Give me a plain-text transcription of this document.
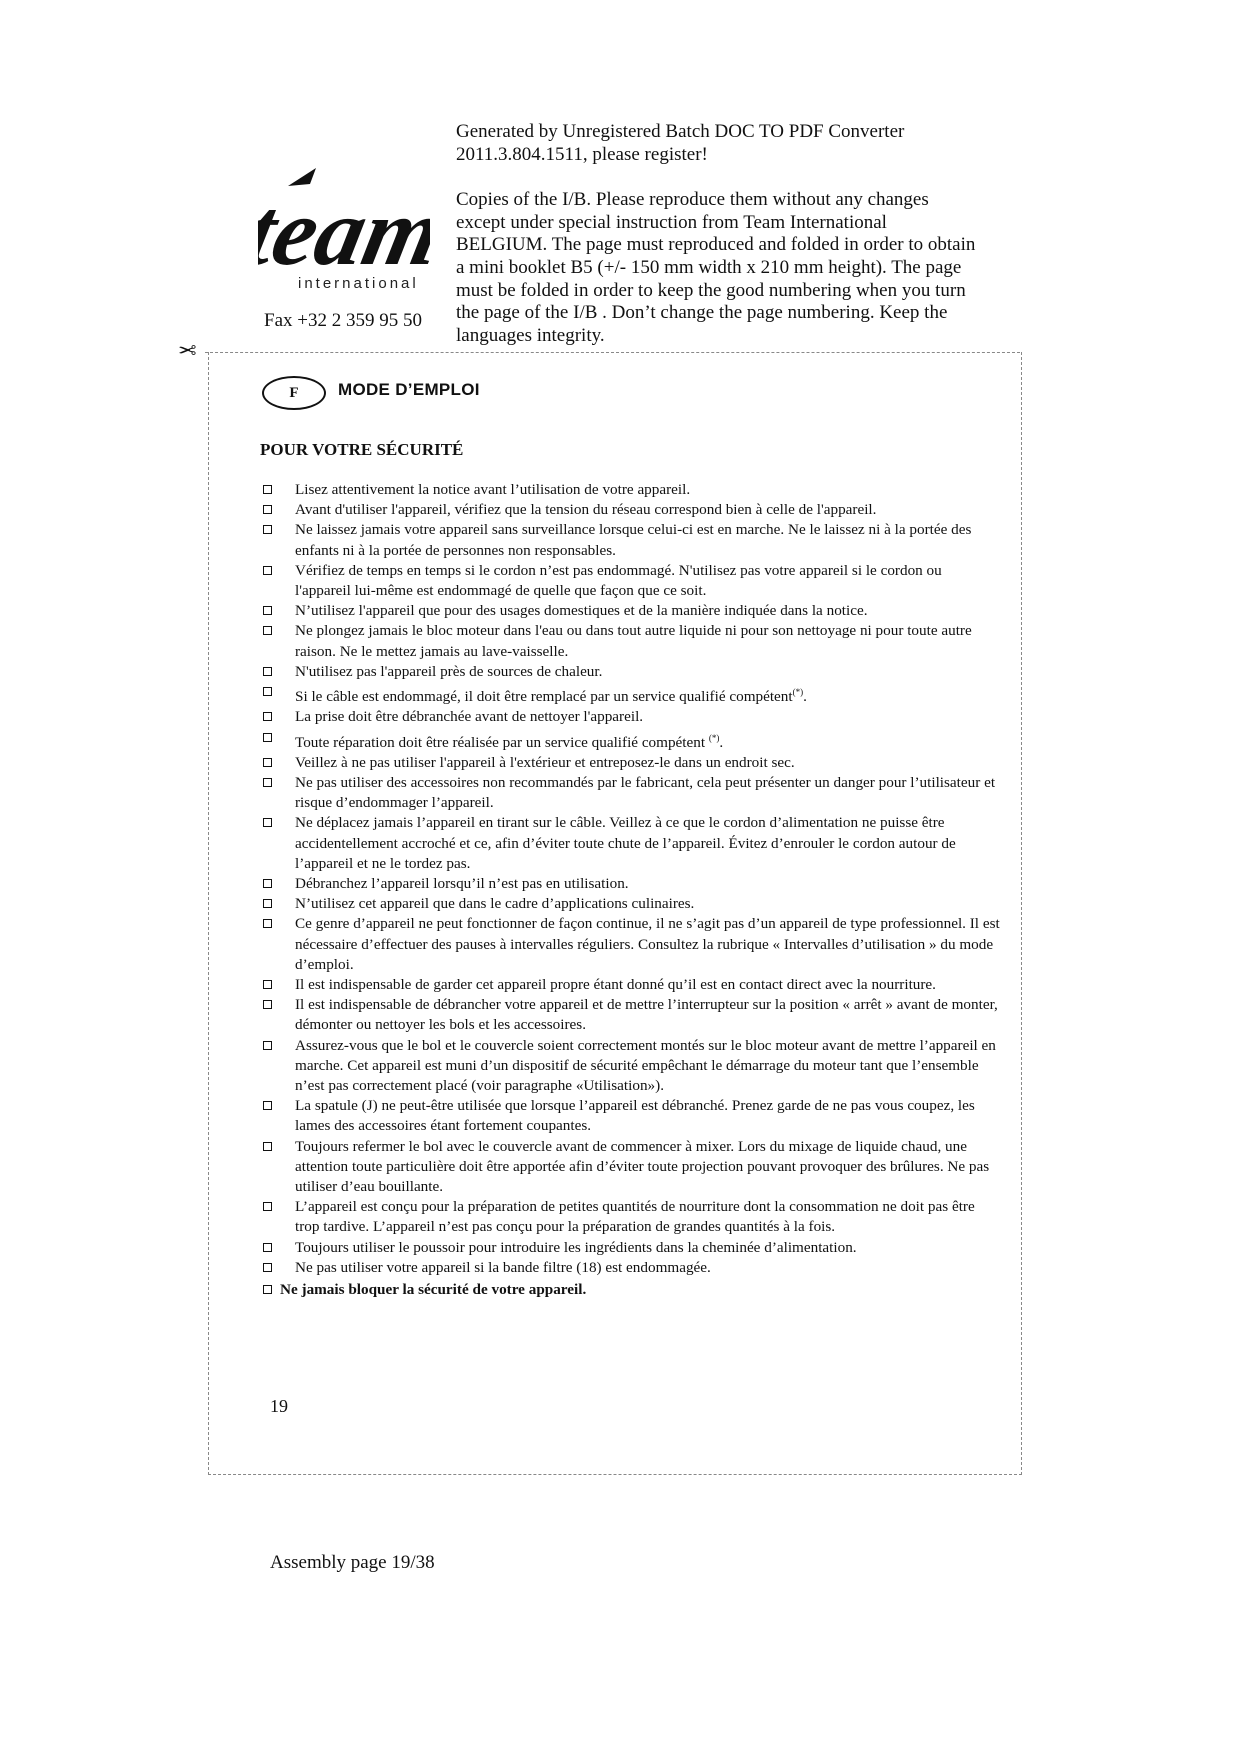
team
international
Fax +32 2 359 95 50

Generated by Unregistered Batch DOC TO PDF Converter 2011.3.804.1511, please register!

Copies of the I/B. Please reproduce them without any changes except under special instruction from Team International BELGIUM. The page must reproduced and folded in order to obtain a mini booklet B5 (+/- 150 mm width x 210 mm height). The page must be folded in order to keep the good numbering when you turn the page of the I/B . Don’t change the page numbering. Keep the languages integrity.

✂
F	MODE D’EMPLOI
POUR VOTRE SÉCURITÉ
Lisez attentivement la notice avant l’utilisation de votre appareil.
Avant d'utiliser l'appareil, vérifiez que la tension du réseau correspond bien à celle de l'appareil.
Ne laissez jamais votre appareil sans surveillance lorsque celui-ci est en marche. Ne le laissez ni à la portée des enfants ni à la portée de personnes non responsables.
Vérifiez de temps en temps si le cordon n’est pas endommagé. N'utilisez pas votre appareil si le cordon ou l'appareil lui-même est endommagé de quelle que façon que ce soit.
N’utilisez l'appareil que pour des usages domestiques et de la manière indiquée dans la notice.
Ne plongez jamais le bloc moteur dans l'eau ou dans tout autre liquide ni pour son nettoyage ni pour toute autre raison. Ne le mettez jamais au lave-vaisselle.
N'utilisez pas l'appareil près de sources de chaleur.
Si le câble est endommagé, il doit être remplacé par un service qualifié compétent(*).
La prise doit être débranchée avant de nettoyer l'appareil.
Toute réparation doit être réalisée par un service qualifié compétent (*).
Veillez à ne pas utiliser l'appareil à l'extérieur et entreposez-le dans un endroit sec.
Ne pas utiliser des accessoires non recommandés par le fabricant, cela peut présenter un danger pour l’utilisateur et risque d’endommager l’appareil.
Ne déplacez jamais l’appareil en tirant sur le câble. Veillez à ce que le cordon d’alimentation ne puisse être accidentellement accroché et ce, afin d’éviter toute chute de l’appareil. Évitez d’enrouler le cordon autour de l’appareil et ne le tordez pas.
Débranchez l’appareil lorsqu’il n’est pas en utilisation.
N’utilisez cet appareil que dans le cadre d’applications culinaires.
Ce genre d’appareil ne peut fonctionner de façon continue, il ne s’agit pas d’un appareil de type professionnel. Il est nécessaire d’effectuer des pauses à intervalles réguliers. Consultez la rubrique « Intervalles d’utilisation » du mode d’emploi.
Il est indispensable de garder cet appareil propre étant donné qu’il est en contact direct avec la nourriture.
Il est indispensable de débrancher votre appareil et de mettre l’interrupteur sur la position « arrêt » avant de monter, démonter ou nettoyer les bols et les accessoires.
Assurez-vous que le bol et le couvercle soient correctement montés sur le bloc moteur avant de mettre l’appareil en marche. Cet appareil est muni d’un dispositif de sécurité empêchant le démarrage du moteur tant que l’ensemble n’est pas correctement placé (voir paragraphe «Utilisation»).
La spatule (J) ne peut-être utilisée que lorsque l’appareil est débranché. Prenez garde de ne pas vous coupez, les lames des accessoires étant fortement coupantes.
Toujours refermer le bol avec le couvercle avant de commencer à mixer. Lors du mixage de liquide chaud, une attention toute particulière doit être apportée afin d’éviter toute projection pouvant provoquer des brûlures. Ne pas utiliser d’eau bouillante.
L’appareil est conçu pour la préparation de petites quantités de nourriture dont la consommation ne doit pas être trop tardive. L’appareil n’est pas conçu pour la préparation de grandes quantités à la fois.
Toujours utiliser le poussoir pour introduire les ingrédients dans la cheminée d’alimentation.
Ne pas utiliser votre appareil si la bande filtre (18) est endommagée.
Ne jamais bloquer la sécurité de votre appareil.
19
Assembly page 19/38
